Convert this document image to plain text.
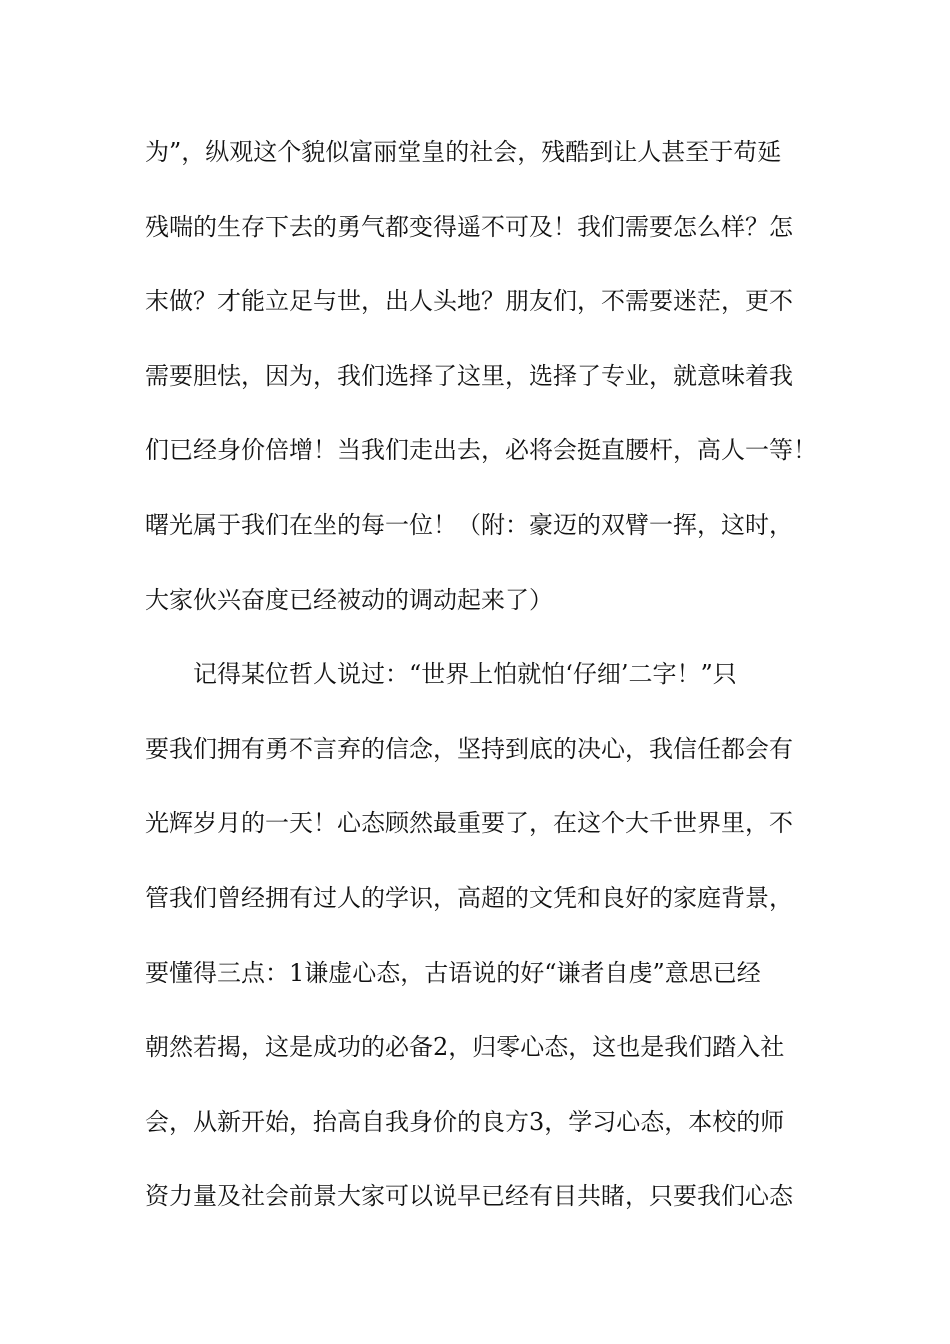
为”，纵观这个貌似富丽堂皇的社会，残酷到让人甚至于苟延
残喘的生存下去的勇气都变得遥不可及！我们需要怎么样？怎
末做？才能立足与世，出人头地？朋友们，不需要迷茫，更不
需要胆怯，因为，我们选择了这里，选择了专业，就意味着我
们已经身价倍增！当我们走出去，必将会挺直腰杆，高人一等！
曙光属于我们在坐的每一位！（附：豪迈的双臂一挥，这时，
大家伙兴奋度已经被动的调动起来了）
记得某位哲人说过：“世界上怕就怕‘仔细’二字！”只
要我们拥有勇不言弃的信念，坚持到底的决心，我信任都会有
光辉岁月的一天！心态顾然最重要了，在这个大千世界里，不
管我们曾经拥有过人的学识，高超的文凭和良好的家庭背景，
要懂得三点：1谦虚心态，古语说的好“谦者自虔”意思已经
朝然若揭，这是成功的必备2，归零心态，这也是我们踏入社
会，从新开始，抬高自我身价的良方3，学习心态，本校的师
资力量及社会前景大家可以说早已经有目共睹，只要我们心态
